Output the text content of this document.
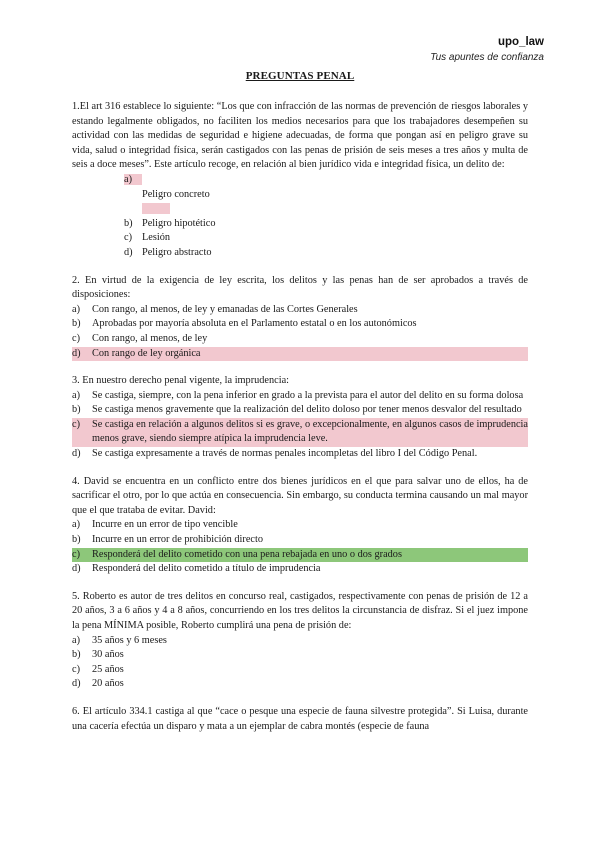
upo_law
Tus apuntes de confianza
PREGUNTAS PENAL

1.El art 316 establece lo siguiente: “Los que con infracción de las normas de prevención de riesgos laborales y estando legalmente obligados, no faciliten los medios necesarios para que los trabajadores desempeñen su actividad con las medidas de seguridad e higiene adecuadas, de forma que pongan así en peligro grave su vida, salud o integridad física, serán castigados con las penas de prisión de seis meses a tres años y multa de seis a doce meses”. Este artículo recoge, en relación al bien jurídico vida e integridad física, un delito de:

a)
Peligro concreto
b) Peligro hipotético
c) Lesión
d) Peligro abstracto

2. En virtud de la exigencia de ley escrita, los delitos y las penas han de ser aprobados a través de disposiciones:

a) Con rango, al menos, de ley y emanadas de las Cortes Generales
b) Aprobadas por mayoría absoluta en el Parlamento estatal o en los autonómicos
c) Con rango, al menos, de ley
d) Con rango de ley orgánica

3. En nuestro derecho penal vigente, la imprudencia:

a) Se castiga, siempre, con la pena inferior en grado a la prevista para el autor del delito en su forma dolosa
b) Se castiga menos gravemente que la realización del delito doloso por tener menos desvalor del resultado
c) Se castiga en relación a algunos delitos si es grave, o excepcionalmente, en algunos casos de imprudencia menos grave, siendo siempre atípica la imprudencia leve.
d) Se castiga expresamente a través de normas penales incompletas del libro I del Código Penal.

4. David se encuentra en un conflicto entre dos bienes jurídicos en el que para salvar uno de ellos, ha de sacrificar el otro, por lo que actúa en consecuencia. Sin embargo, su conducta termina causando un mal mayor que el que trataba de evitar. David:

a) Incurre en un error de tipo vencible
b) Incurre en un error de prohibición directo
c) Responderá del delito cometido con una pena rebajada en uno o dos grados
d) Responderá del delito cometido a título de imprudencia

5. Roberto es autor de tres delitos en concurso real, castigados, respectivamente con penas de prisión de 12 a 20 años, 3 a 6 años y 4 a 8 años, concurriendo en los tres delitos la circunstancia de disfraz. Si el juez impone la pena MÍNIMA posible, Roberto cumplirá una pena de prisión de:

a) 35 años y 6 meses
b) 30 años
c) 25 años
d) 20 años

6. El artículo 334.1 castiga al que “cace o pesque una especie de fauna silvestre protegida”. Si Luisa, durante una cacería efectúa un disparo y mata a un ejemplar de cabra montés (especie de fauna
